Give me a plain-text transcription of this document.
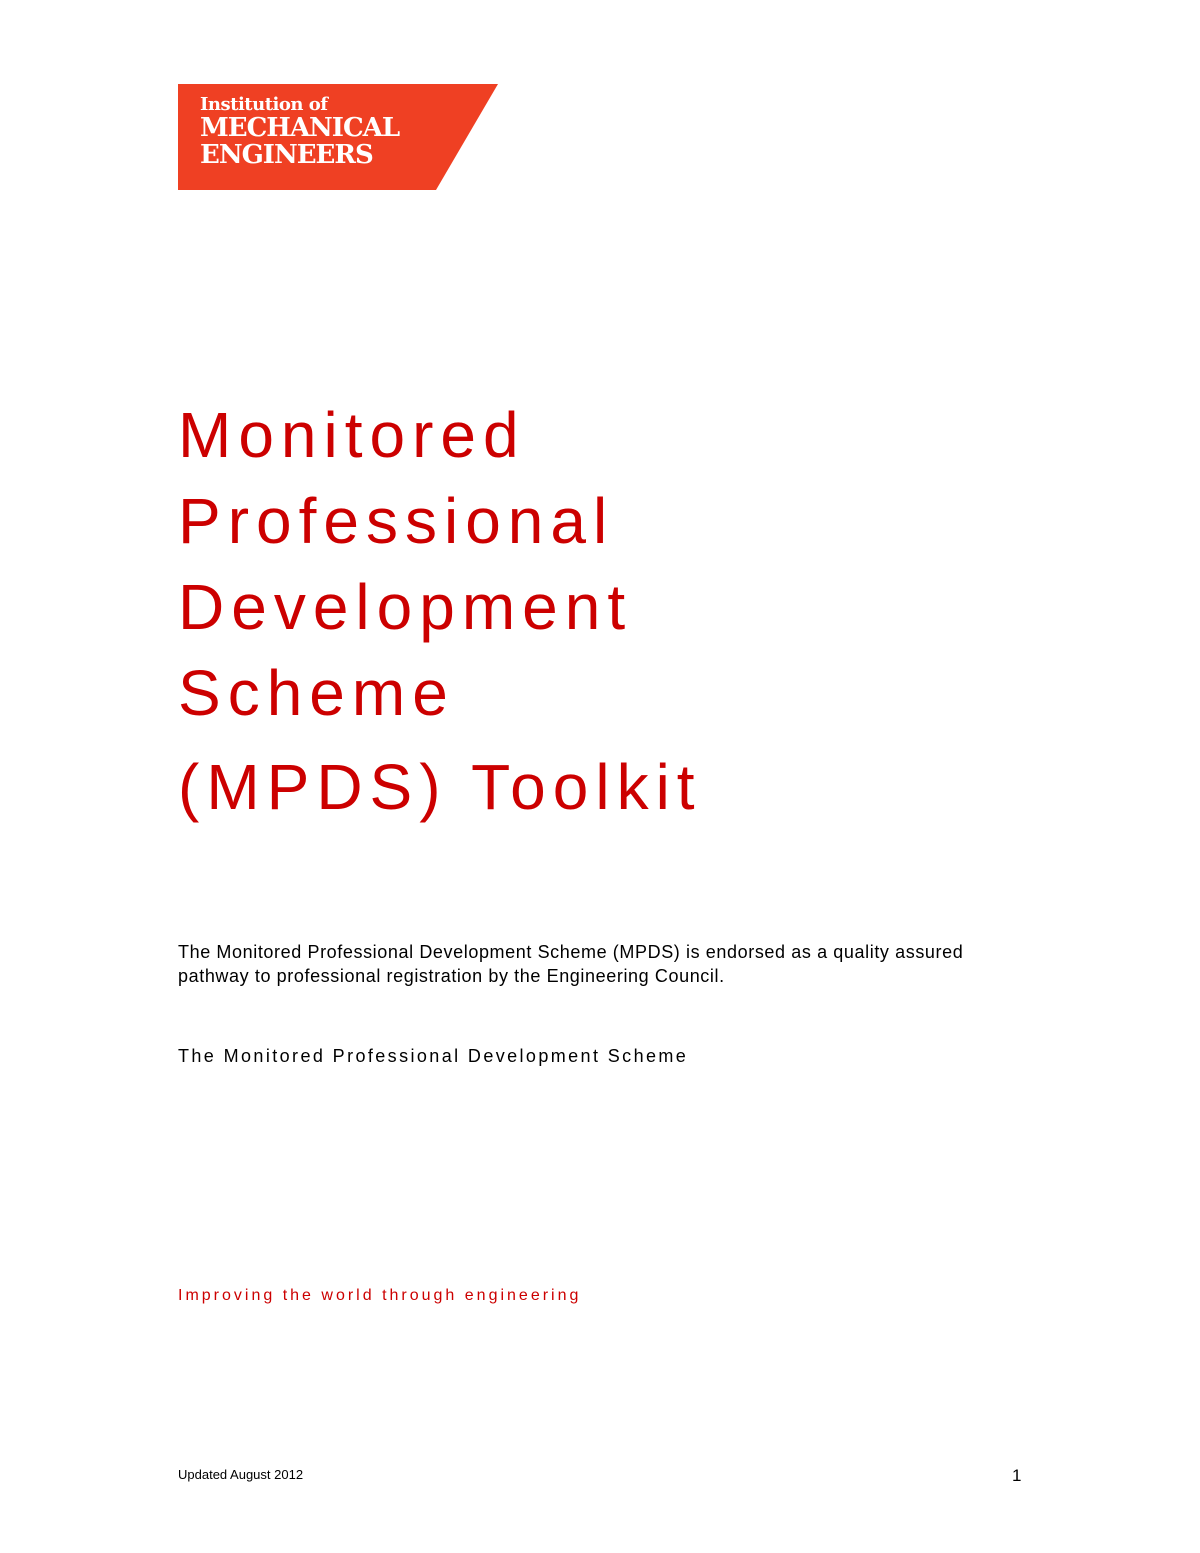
Institution of
MECHANICAL
ENGINEERS
Monitored
Professional
Development
Scheme
(MPDS) Toolkit

The Monitored Professional Development Scheme (MPDS) is endorsed as a quality assured pathway to professional registration by the Engineering Council.

The Monitored Professional Development Scheme

Improving the world through engineering

Updated August 2012	1
